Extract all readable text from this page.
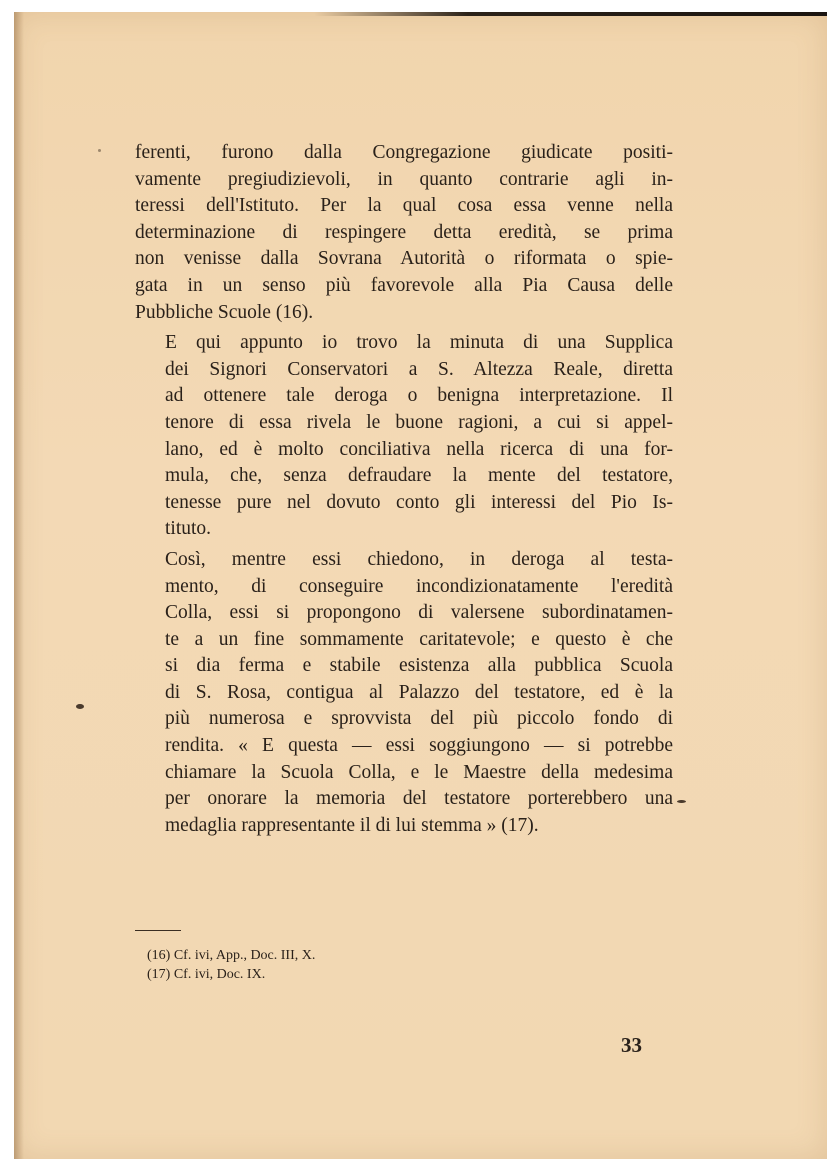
ferenti, furono dalla Congregazione giudicate positi-
vamente pregiudizievoli, in quanto contrarie agli in-
teressi dell'Istituto. Per la qual cosa essa venne nella
determinazione di respingere detta eredità, se prima
non venisse dalla Sovrana Autorità o riformata o spie-
gata in un senso più favorevole alla Pia Causa delle
Pubbliche Scuole (16).

E qui appunto io trovo la minuta di una Supplica
dei Signori Conservatori a S. Altezza Reale, diretta
ad ottenere tale deroga o benigna interpretazione. Il
tenore di essa rivela le buone ragioni, a cui si appel-
lano, ed è molto conciliativa nella ricerca di una for-
mula, che, senza defraudare la mente del testatore,
tenesse pure nel dovuto conto gli interessi del Pio Is-
tituto.

Così, mentre essi chiedono, in deroga al testa-
mento, di conseguire incondizionatamente l'eredità
Colla, essi si propongono di valersene subordinatamen-
te a un fine sommamente caritatevole; e questo è che
si dia ferma e stabile esistenza alla pubblica Scuola
di S. Rosa, contigua al Palazzo del testatore, ed è la
più numerosa e sprovvista del più piccolo fondo di
rendita. « E questa — essi soggiungono — si potrebbe
chiamare la Scuola Colla, e le Maestre della medesima
per onorare la memoria del testatore porterebbero una
medaglia rappresentante il di lui stemma » (17).

(16) Cf. ivi, App., Doc. III, X.
(17) Cf. ivi, Doc. IX.
33
